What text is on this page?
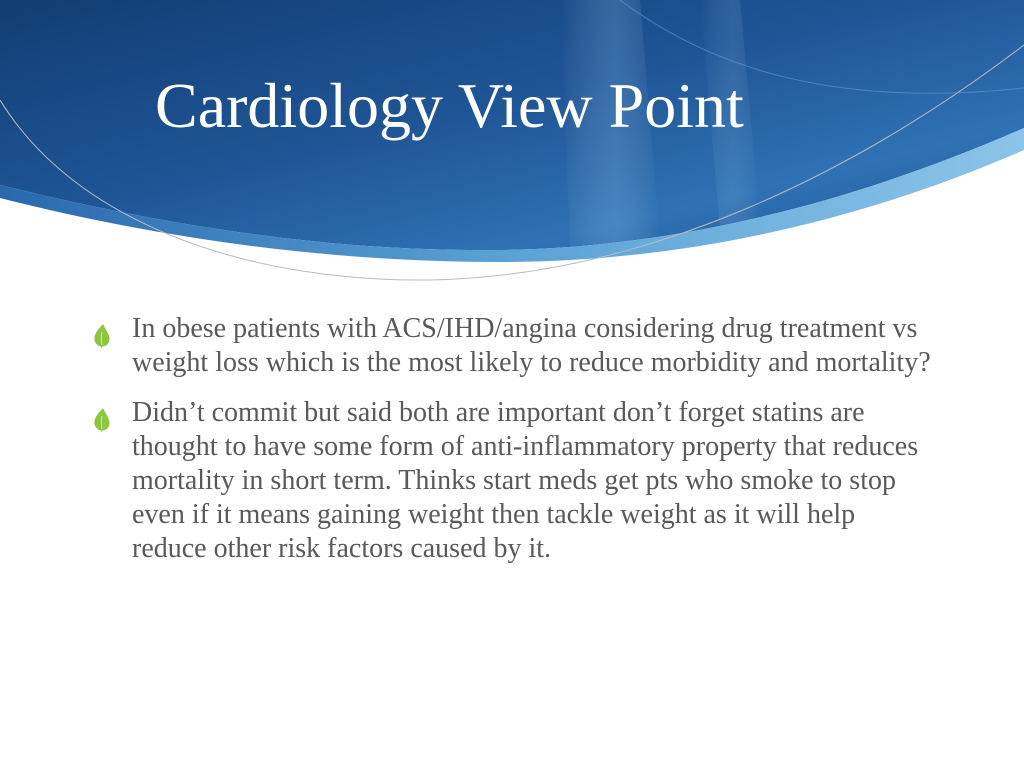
Cardiology View Point
In obese patients with ACS/IHD/angina considering drug treatment vs weight loss which is the most likely to reduce morbidity and mortality?
Didn’t commit but said both are important don’t forget statins are thought to have some form of anti-inflammatory property that reduces mortality in short term. Thinks start meds get pts who smoke to stop even if it means gaining weight then tackle weight as it will help reduce other risk factors caused by it.
